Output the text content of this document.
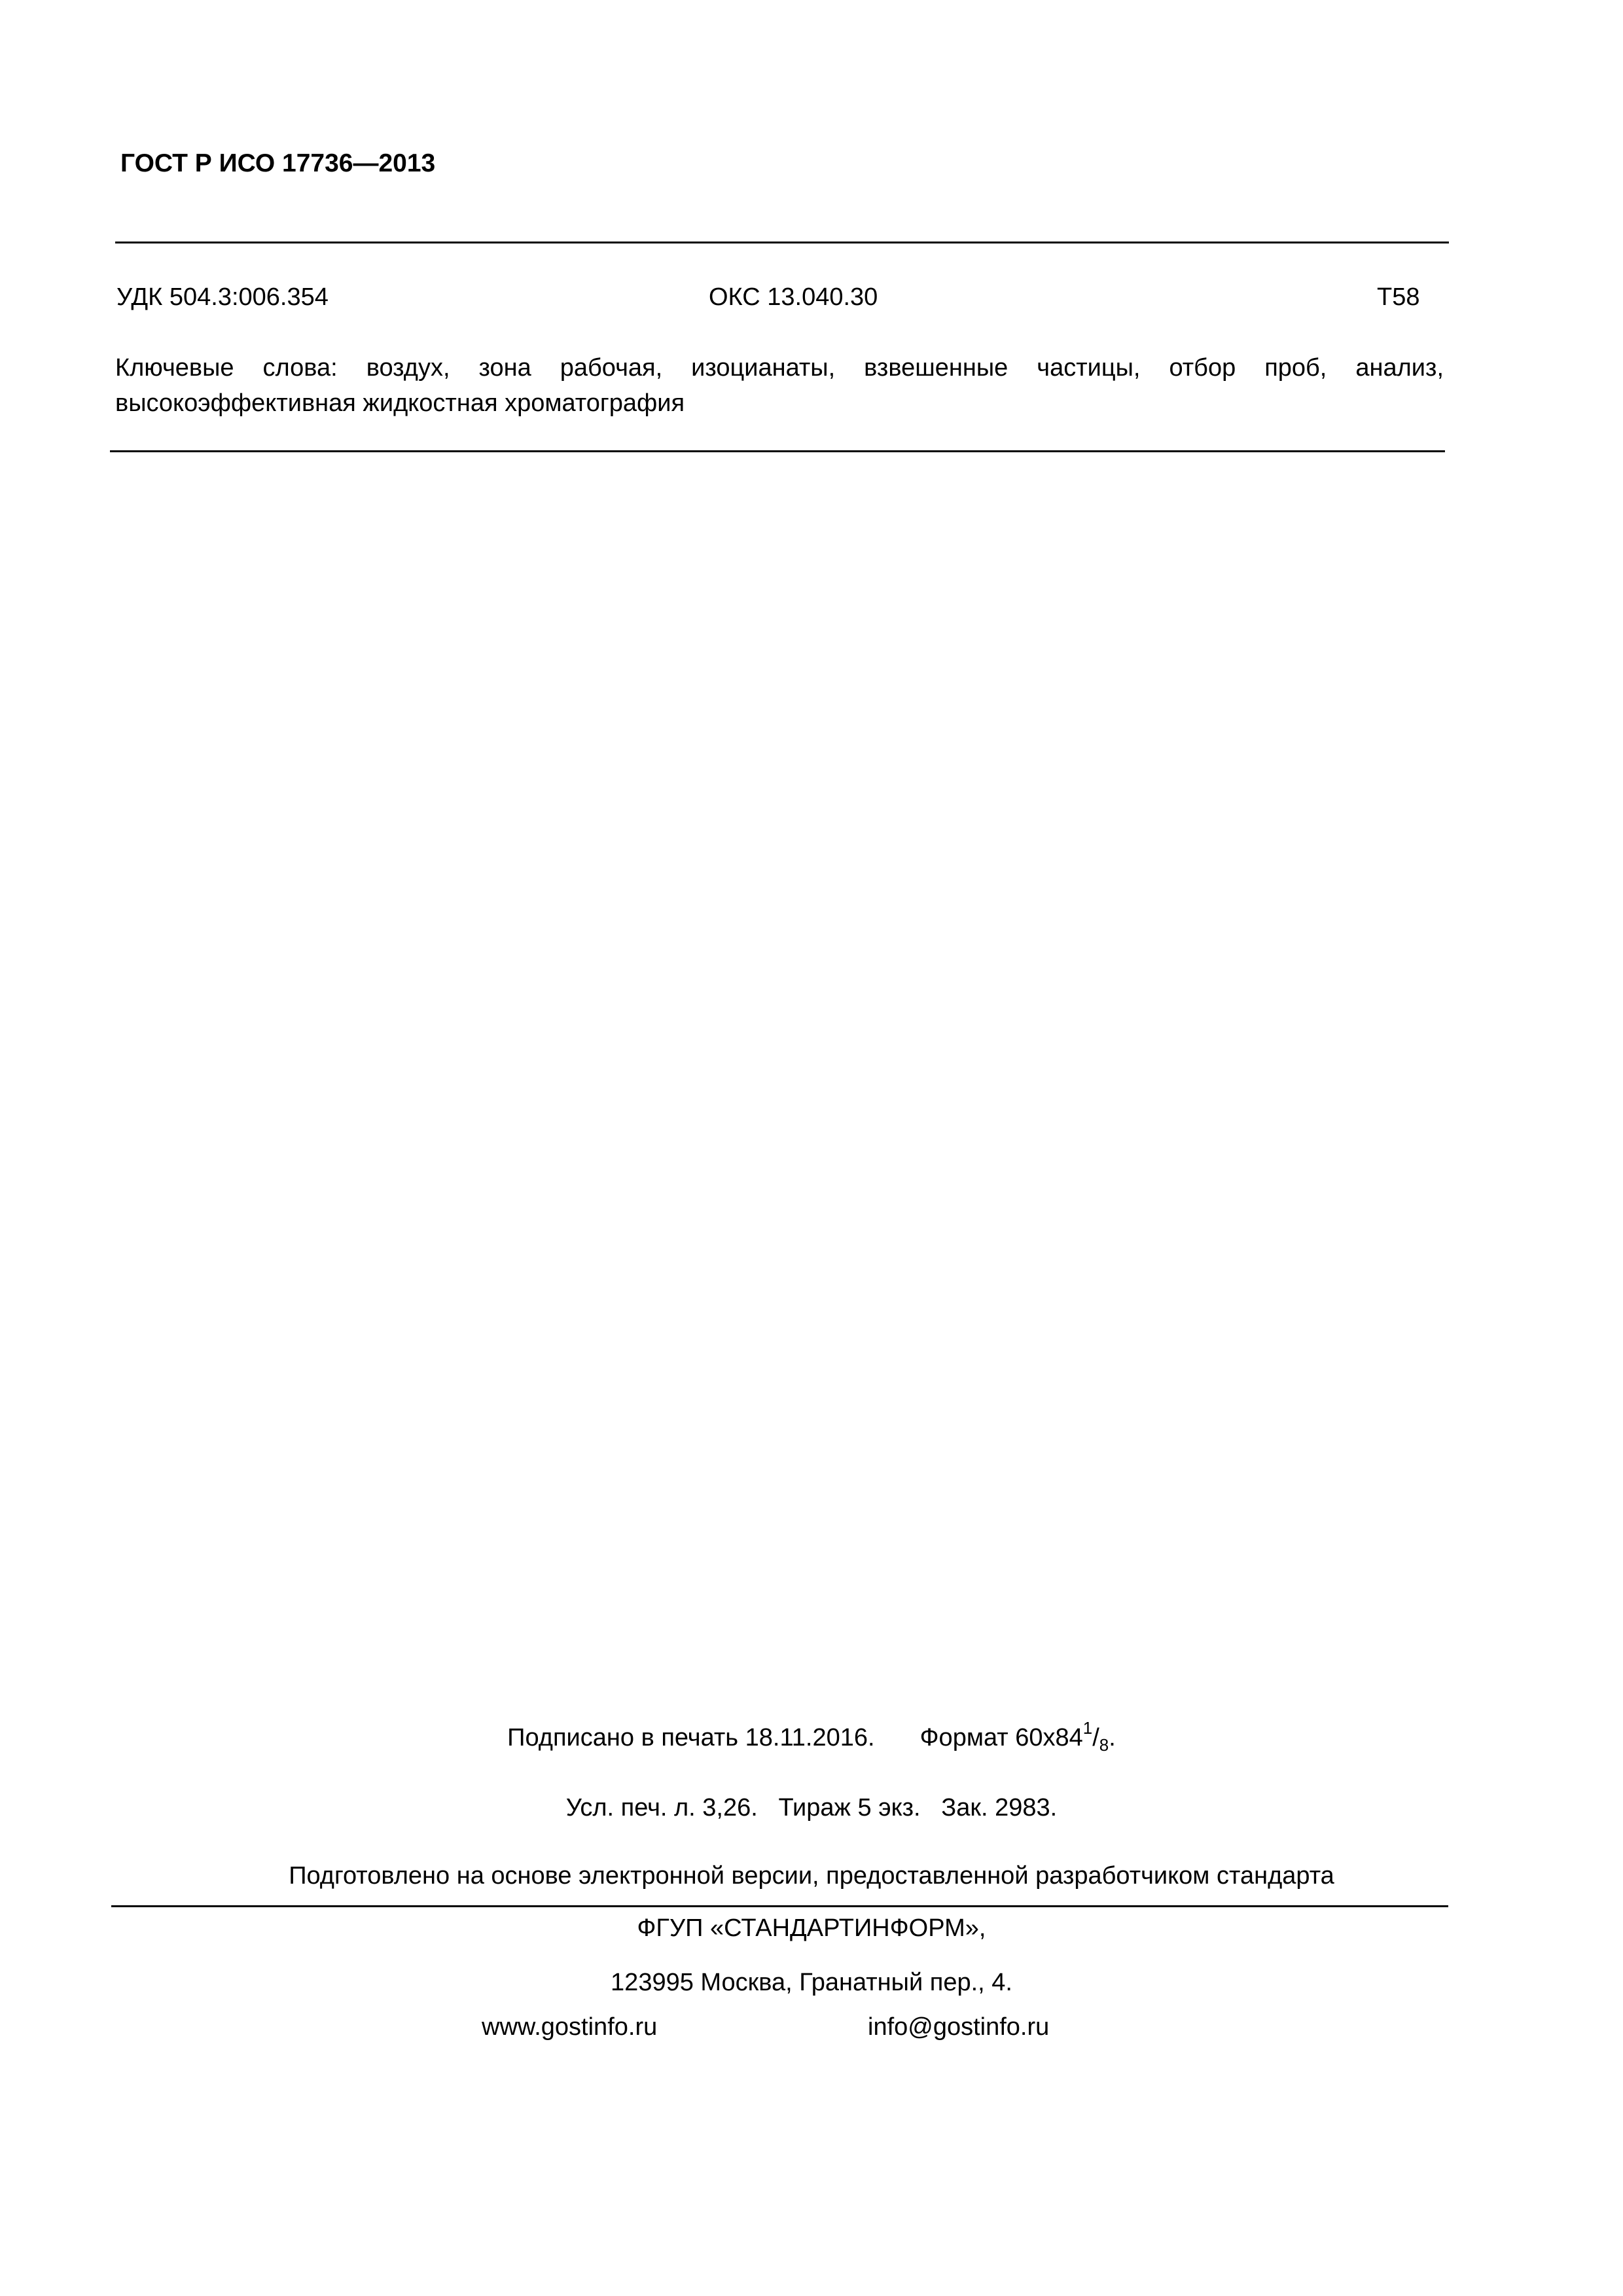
ГОСТ Р ИСО 17736—2013
УДК 504.3:006.354	ОКС 13.040.30	Т58
Ключевые слова: воздух, зона рабочая, изоцианаты, взвешенные частицы, отбор проб, анализ, высокоэффективная жидкостная хроматография
Подписано в печать 18.11.2016. Формат $60x84^1/_8$.
Усл. печ. л. 3,26.   Тираж 5 экз.   Зак. 2983.
Подготовлено на основе электронной версии, предоставленной разработчиком стандарта
ФГУП «СТАНДАРТИНФОРМ»,
123995 Москва, Гранатный пер., 4.
www.gostinfo.ru	info@gostinfo.ru
